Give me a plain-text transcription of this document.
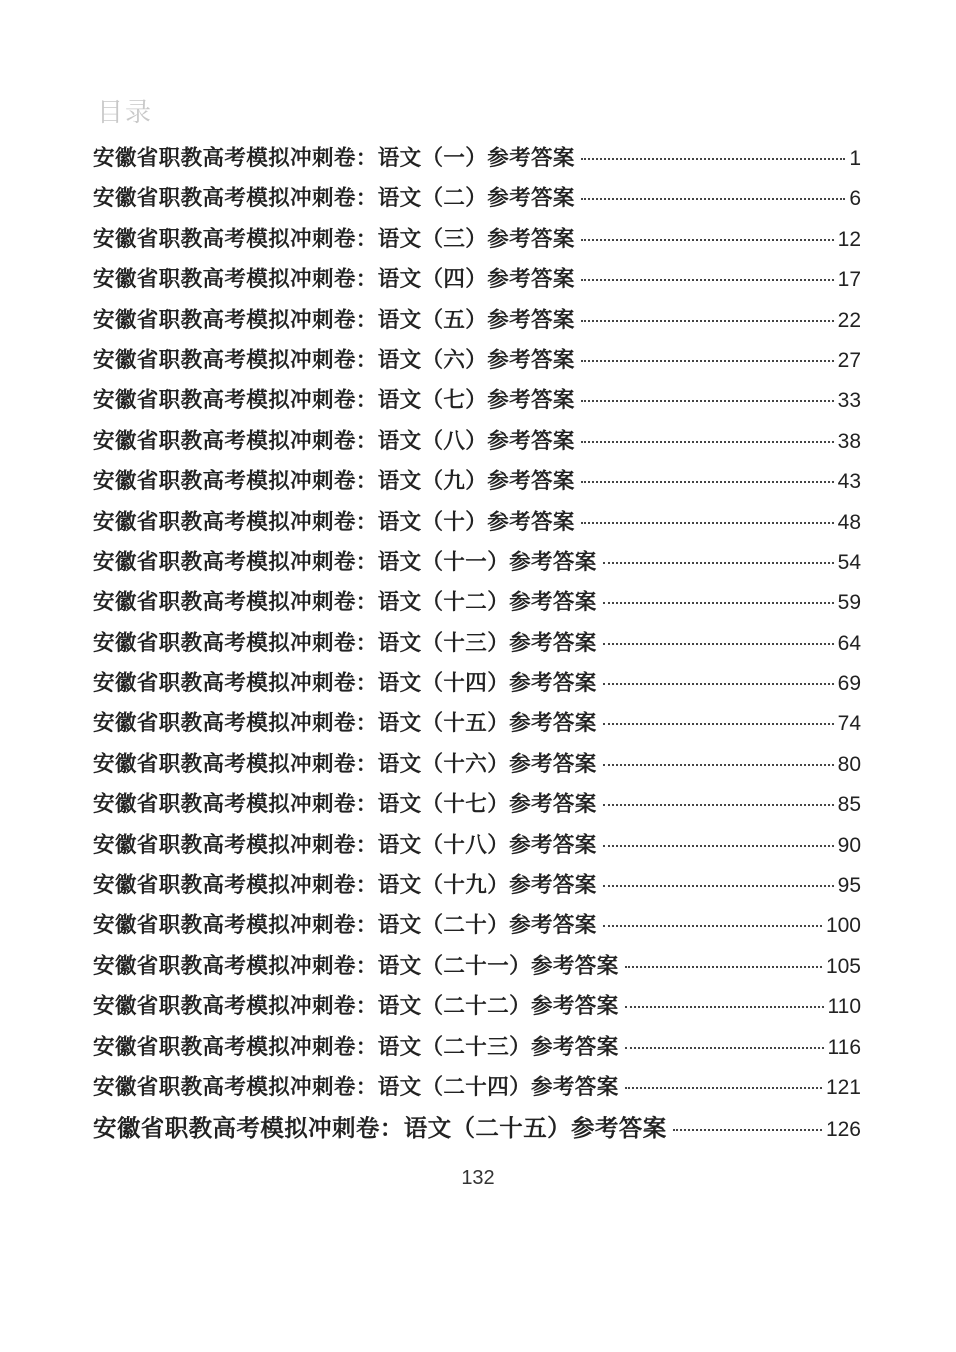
目录
安徽省职教高考模拟冲刺卷：语文（一）参考答案	1
安徽省职教高考模拟冲刺卷：语文（二）参考答案	6
安徽省职教高考模拟冲刺卷：语文（三）参考答案	12
安徽省职教高考模拟冲刺卷：语文（四）参考答案	17
安徽省职教高考模拟冲刺卷：语文（五）参考答案	22
安徽省职教高考模拟冲刺卷：语文（六）参考答案	27
安徽省职教高考模拟冲刺卷：语文（七）参考答案	33
安徽省职教高考模拟冲刺卷：语文（八）参考答案	38
安徽省职教高考模拟冲刺卷：语文（九）参考答案	43
安徽省职教高考模拟冲刺卷：语文（十）参考答案	48
安徽省职教高考模拟冲刺卷：语文（十一）参考答案	54
安徽省职教高考模拟冲刺卷：语文（十二）参考答案	59
安徽省职教高考模拟冲刺卷：语文（十三）参考答案	64
安徽省职教高考模拟冲刺卷：语文（十四）参考答案	69
安徽省职教高考模拟冲刺卷：语文（十五）参考答案	74
安徽省职教高考模拟冲刺卷：语文（十六）参考答案	80
安徽省职教高考模拟冲刺卷：语文（十七）参考答案	85
安徽省职教高考模拟冲刺卷：语文（十八）参考答案	90
安徽省职教高考模拟冲刺卷：语文（十九）参考答案	95
安徽省职教高考模拟冲刺卷：语文（二十）参考答案	100
安徽省职教高考模拟冲刺卷：语文（二十一）参考答案	105
安徽省职教高考模拟冲刺卷：语文（二十二）参考答案	110
安徽省职教高考模拟冲刺卷：语文（二十三）参考答案	116
安徽省职教高考模拟冲刺卷：语文（二十四）参考答案	121
安徽省职教高考模拟冲刺卷：语文（二十五）参考答案	126
132
